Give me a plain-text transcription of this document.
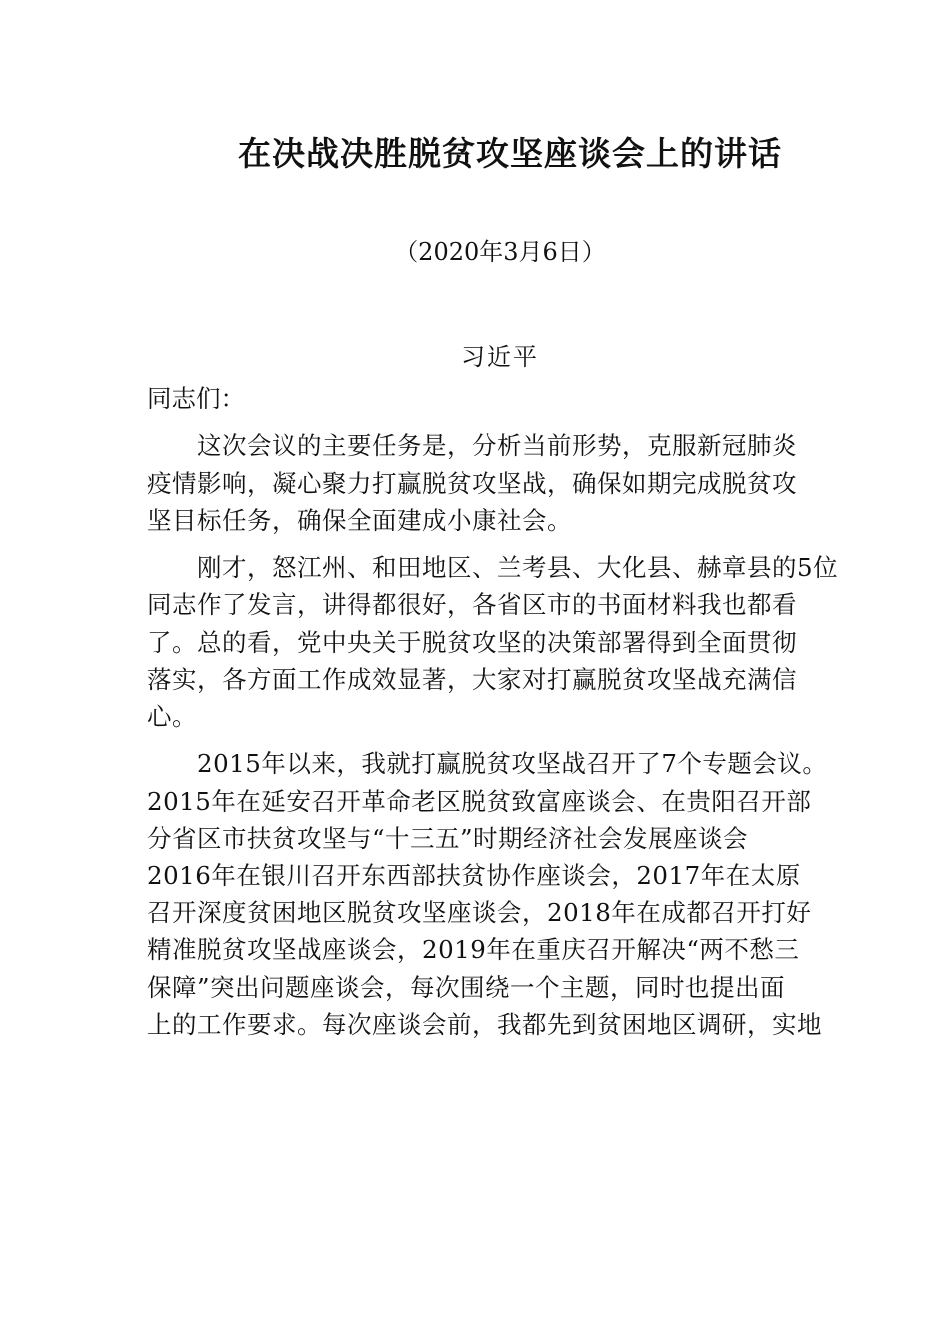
在决战决胜脱贫攻坚座谈会上的讲话
（2020年3月6日）
习近平

同志们：

这次会议的主要任务是，分析当前形势，克服新冠肺炎
疫情影响，凝心聚力打赢脱贫攻坚战，确保如期完成脱贫攻
坚目标任务，确保全面建成小康社会。

刚才，怒江州、和田地区、兰考县、大化县、赫章县的5位
同志作了发言，讲得都很好，各省区市的书面材料我也都看
了。总的看，党中央关于脱贫攻坚的决策部署得到全面贯彻
落实，各方面工作成效显著，大家对打赢脱贫攻坚战充满信
心。

2015年以来，我就打赢脱贫攻坚战召开了7个专题会议。
2015年在延安召开革命老区脱贫致富座谈会、在贵阳召开部
分省区市扶贫攻坚与“十三五”时期经济社会发展座谈会
2016年在银川召开东西部扶贫协作座谈会，2017年在太原
召开深度贫困地区脱贫攻坚座谈会，2018年在成都召开打好
精准脱贫攻坚战座谈会，2019年在重庆召开解决“两不愁三
保障”突出问题座谈会，每次围绕一个主题，同时也提出面
上的工作要求。每次座谈会前，我都先到贫困地区调研，实地
